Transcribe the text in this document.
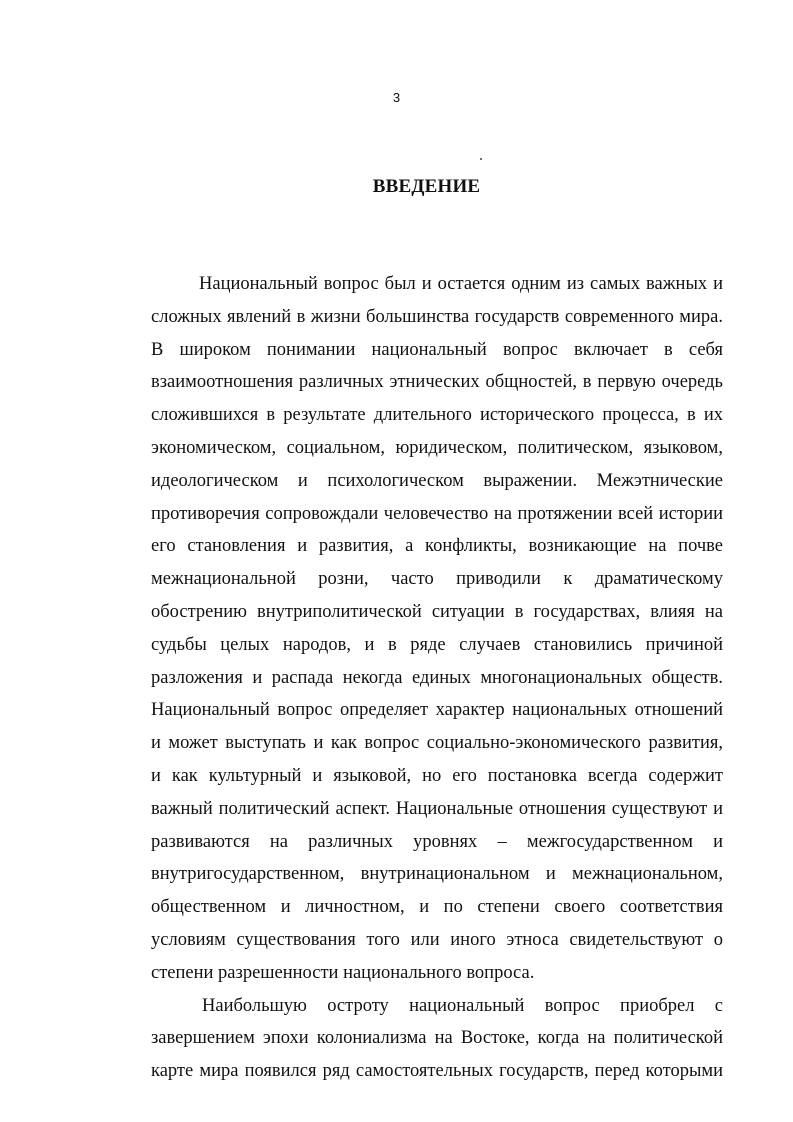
3
ВВЕДЕНИЕ
Национальный вопрос был и остается одним из самых важных и
сложных явлений в жизни большинства государств современного мира.
В широком понимании национальный вопрос включает в себя
взаимоотношения различных этнических общностей, в первую очередь
сложившихся в результате длительного исторического процесса, в их
экономическом, социальном, юридическом, политическом, языковом,
идеологическом и психологическом выражении. Межэтнические
противоречия сопровождали человечество на протяжении всей истории
его становления и развития, а конфликты, возникающие на почве
межнациональной розни, часто приводили к драматическому
обострению внутриполитической ситуации в государствах, влияя на
судьбы целых народов, и в ряде случаев становились причиной
разложения и распада некогда единых многонациональных обществ.
Национальный вопрос определяет характер национальных отношений
и может выступать и как вопрос социально-экономического развития,
и как культурный и языковой, но его постановка всегда содержит
важный политический аспект. Национальные отношения существуют и
развиваются на различных уровнях – межгосударственном и
внутригосударственном, внутринациональном и межнациональном,
общественном и личностном, и по степени своего соответствия
условиям существования того или иного этноса свидетельствуют о
степени разрешенности национального вопроса.
Наибольшую остроту национальный вопрос приобрел с
завершением эпохи колониализма на Востоке, когда на политической
карте мира появился ряд самостоятельных государств, перед которыми
